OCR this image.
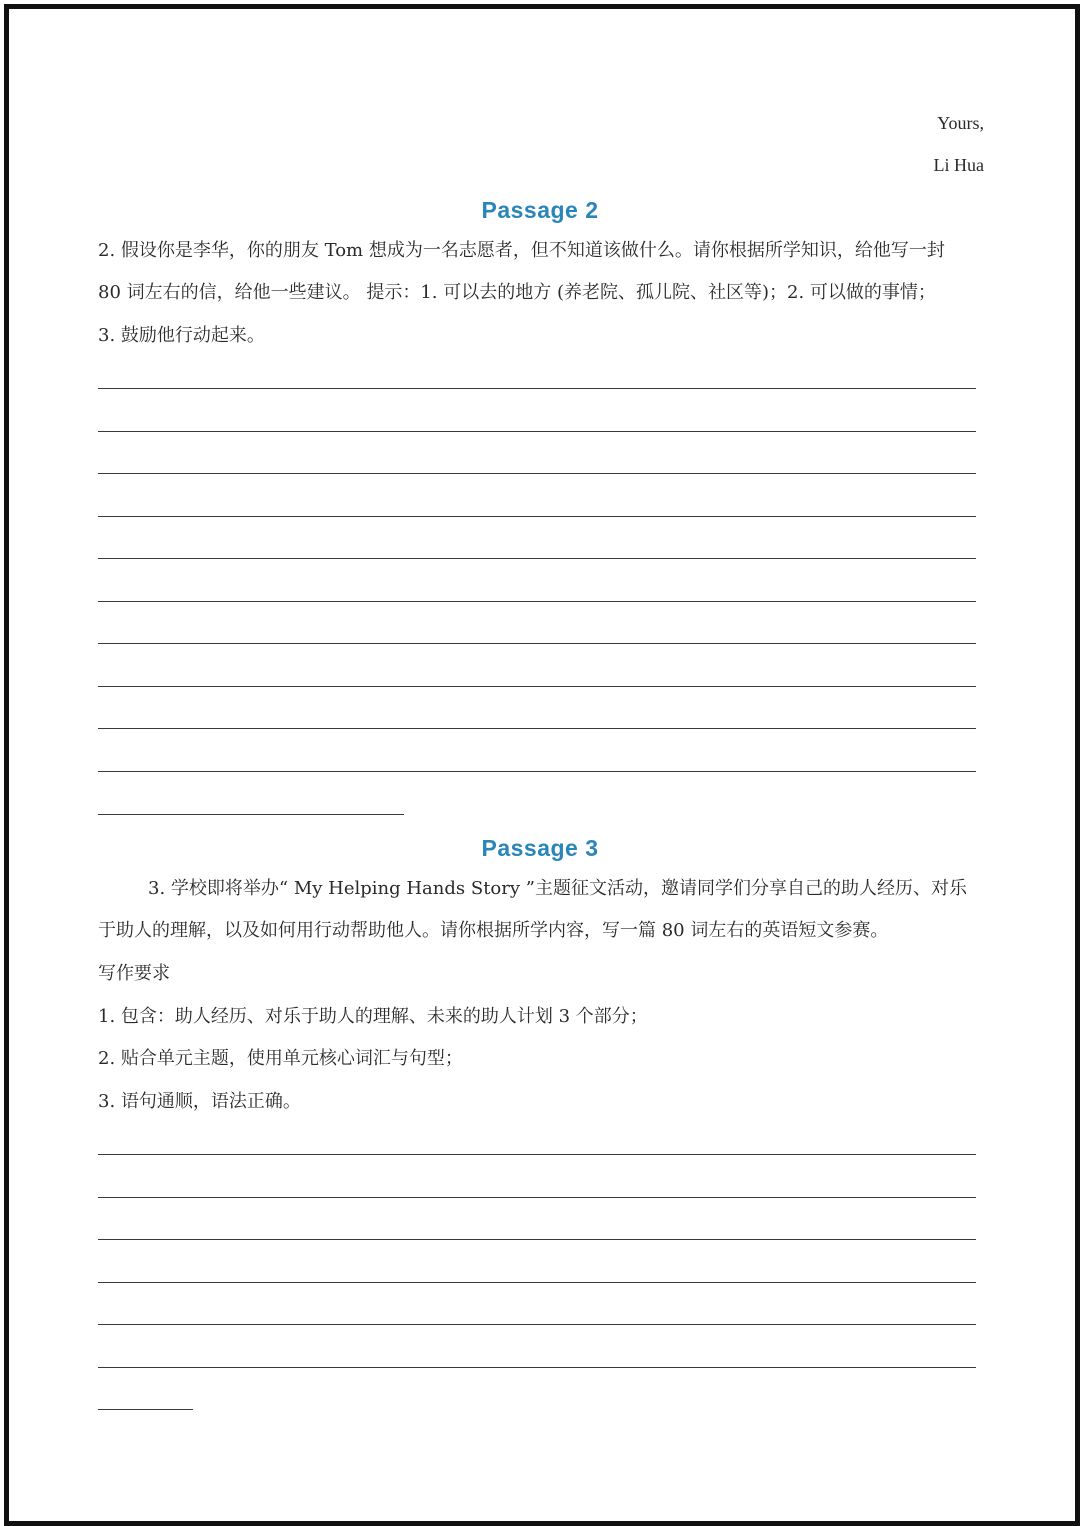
Yours,
Li Hua
Passage 2
2. 假设你是李华，你的朋友 Tom 想成为一名志愿者，但不知道该做什么。请你根据所学知识，给他写一封
80 词左右的信，给他一些建议。 提示：1. 可以去的地方 (养老院、孤儿院、社区等)；2. 可以做的事情；
3. 鼓励他行动起来。
Passage 3
3. 学校即将举办“ My Helping Hands Story ”主题征文活动，邀请同学们分享自己的助人经历、对乐
于助人的理解，以及如何用行动帮助他人。请你根据所学内容，写一篇 80 词左右的英语短文参赛。
写作要求
1. 包含：助人经历、对乐于助人的理解、未来的助人计划 3 个部分；
2. 贴合单元主题，使用单元核心词汇与句型；
3. 语句通顺，语法正确。
